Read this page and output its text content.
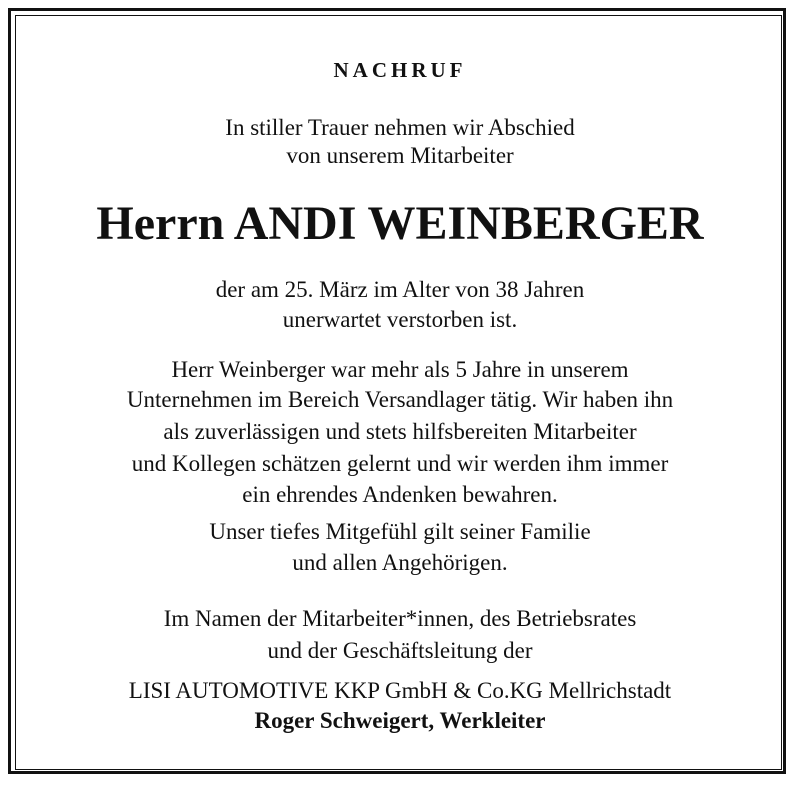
NACHRUF
In stiller Trauer nehmen wir Abschied
von unserem Mitarbeiter
Herrn ANDI WEINBERGER
der am 25. März im Alter von 38 Jahren
unerwartet verstorben ist.
Herr Weinberger war mehr als 5 Jahre in unserem
Unternehmen im Bereich Versandlager tätig. Wir haben ihn
als zuverlässigen und stets hilfsbereiten Mitarbeiter
und Kollegen schätzen gelernt und wir werden ihm immer
ein ehrendes Andenken bewahren.
Unser tiefes Mitgefühl gilt seiner Familie
und allen Angehörigen.
Im Namen der Mitarbeiter*innen, des Betriebsrates
und der Geschäftsleitung der
LISI AUTOMOTIVE KKP GmbH & Co.KG Mellrichstadt
Roger Schweigert, Werkleiter
